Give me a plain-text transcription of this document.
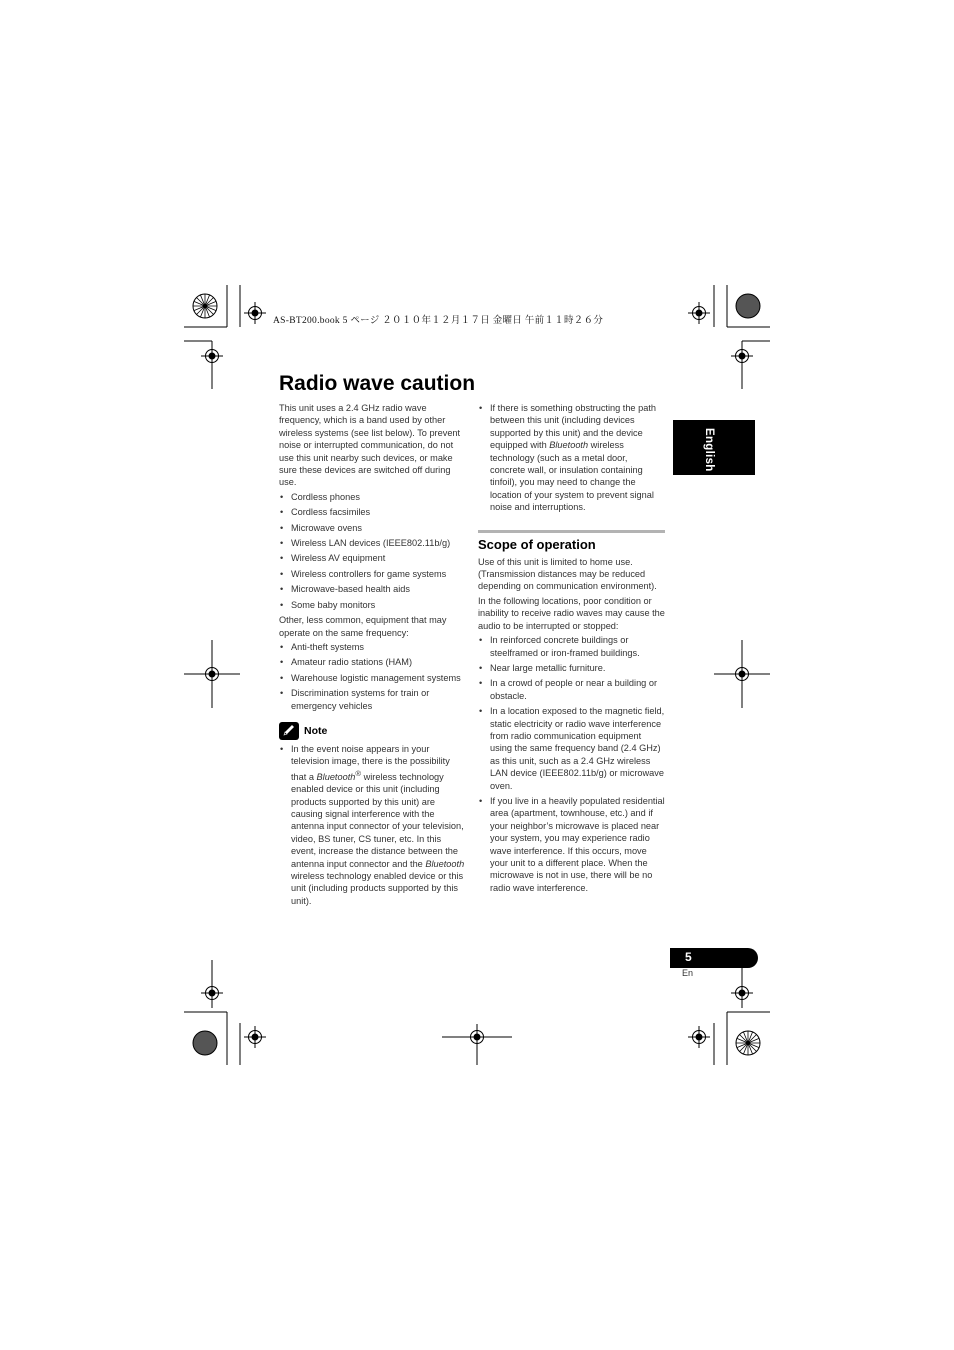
AS-BT200.book 5 ページ ２０１０年１２月１７日 金曜日 午前１１時２６分
Radio wave caution
English

This unit uses a 2.4 GHz radio wave frequency, which is a band used by other wireless systems (see list below). To prevent noise or interrupted communication, do not use this unit nearby such devices, or make sure these devices are switched off during use.

• Cordless phones
• Cordless facsimiles
• Microwave ovens
• Wireless LAN devices (IEEE802.11b/g)
• Wireless AV equipment
• Wireless controllers for game systems
• Microwave-based health aids
• Some baby monitors

Other, less common, equipment that may operate on the same frequency:

• Anti-theft systems
• Amateur radio stations (HAM)
• Warehouse logistic management systems
• Discrimination systems for train or emergency vehicles
Note
• In the event noise appears in your television image, there is the possibility that a Bluetooth® wireless technology enabled device or this unit (including products supported by this unit) are causing signal interference with the antenna input connector of your television, video, BS tuner, CS tuner, etc. In this event, increase the distance between the antenna input connector and the Bluetooth wireless technology enabled device or this unit (including products supported by this unit).
• If there is something obstructing the path between this unit (including devices supported by this unit) and the device equipped with Bluetooth wireless technology (such as a metal door, concrete wall, or insulation containing tinfoil), you may need to change the location of your system to prevent signal noise and interruptions.
Scope of operation

Use of this unit is limited to home use. (Transmission distances may be reduced depending on communication environment).

In the following locations, poor condition or inability to receive radio waves may cause the audio to be interrupted or stopped:

• In reinforced concrete buildings or steelframed or iron-framed buildings.
• Near large metallic furniture.
• In a crowd of people or near a building or obstacle.
• In a location exposed to the magnetic field, static electricity or radio wave interference from radio communication equipment using the same frequency band (2.4 GHz) as this unit, such as a 2.4 GHz wireless LAN device (IEEE802.11b/g) or microwave oven.
• If you live in a heavily populated residential area (apartment, townhouse, etc.) and if your neighbor’s microwave is placed near your system, you may experience radio wave interference. If this occurs, move your unit to a different place. When the microwave is not in use, there will be no radio wave interference.
5
En
